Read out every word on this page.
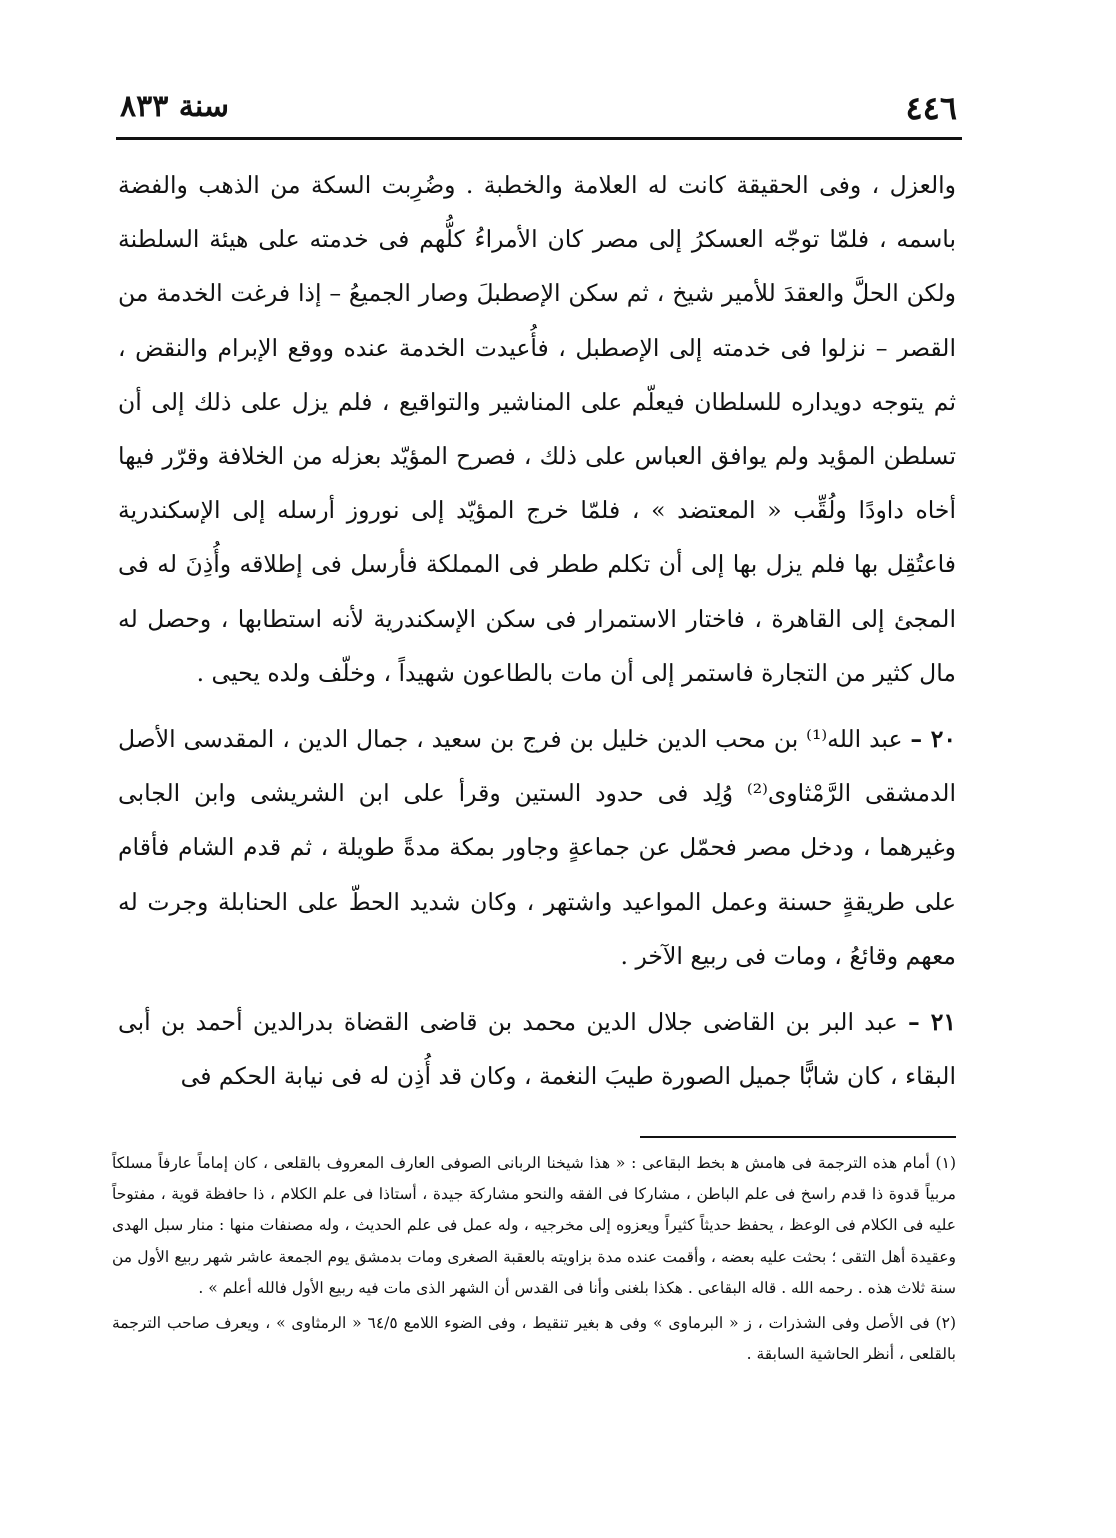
٤٤٦
سنة ٨٣٣

والعزل ، وفى الحقيقة كانت له العلامة والخطبة . وضُرِبت السكة من الذهب والفضة باسمه ، فلمّا توجّه العسكرُ إلى مصر كان الأمراءُ كلُّهم فى خدمته على هيئة السلطنة ولكن الحلَّ والعقدَ للأمير شيخ ، ثم سكن الإصطبلَ وصار الجميعُ – إذا فرغت الخدمة من القصر – نزلوا فى خدمته إلى الإصطبل ، فأُعيدت الخدمة عنده ووقع الإبرام والنقض ، ثم يتوجه دويداره للسلطان فيعلّم على المناشير والتواقيع ، فلم يزل على ذلك إلى أن تسلطن المؤيد ولم يوافق العباس على ذلك ، فصرح المؤيّد بعزله من الخلافة وقرّر فيها أخاه داودًا ولُقِّب « المعتضد » ، فلمّا خرج المؤيّد إلى نوروز أرسله إلى الإسكندرية فاعتُقِل بها فلم يزل بها إلى أن تكلم ططر فى المملكة فأرسل فى إطلاقه وأُذِنَ له فى المجئ إلى القاهرة ، فاختار الاستمرار فى سكن الإسكندرية لأنه استطابها ، وحصل له مال كثير من التجارة فاستمر إلى أن مات بالطاعون شهيداً ، وخلّف ولده يحيى .

٢٠ – عبد الله⁽¹⁾ بن محب الدين خليل بن فرج بن سعيد ، جمال الدين ، المقدسى الأصل الدمشقى الرَّمْثاوى⁽²⁾ وُلِد فى حدود الستين وقرأ على ابن الشريشى وابن الجابى وغيرهما ، ودخل مصر فحمّل عن جماعةٍ وجاور بمكة مدةً طويلة ، ثم قدم الشام فأقام على طريقةٍ حسنة وعمل المواعيد واشتهر ، وكان شديد الحطّ على الحنابلة وجرت له معهم وقائعُ ، ومات فى ربيع الآخر .

٢١ – عبد البر بن القاضى جلال الدين محمد بن قاضى القضاة بدرالدين أحمد بن أبى البقاء ، كان شابًّا جميل الصورة طيبَ النغمة ، وكان قد أُذِن له فى نيابة الحكم فى

(١) أمام هذه الترجمة فى هامش ﻫ بخط البقاعى : « هذا شيخنا الربانى الصوفى العارف المعروف بالقلعى ، كان إماماً عارفاً مسلكاً مربياً قدوة ذا قدم راسخ فى علم الباطن ، مشاركا فى الفقه والنحو مشاركة جيدة ، أستاذا فى علم الكلام ، ذا حافظة قوية ، مفتوحاً عليه فى الكلام فى الوعظ ، يحفظ حديثاً كثيراً ويعزوه إلى مخرجيه ، وله عمل فى علم الحديث ، وله مصنفات منها : منار سبل الهدى وعقيدة أهل التقى ؛ بحثت عليه بعضه ، وأقمت عنده مدة بزاويته بالعقبة الصغرى ومات بدمشق يوم الجمعة عاشر شهر ربيع الأول من سنة ثلاث هذه . رحمه الله . قاله البقاعى . هكذا بلغنى وأنا فى القدس أن الشهر الذى مات فيه ربيع الأول فالله أعلم » .

(٢) فى الأصل وفى الشذرات ، ز « البرماوى » وفى ﻫ بغير تنقيط ، وفى الضوء اللامع ٦٤/٥ « الرمثاوى » ، ويعرف صاحب الترجمة بالقلعى ، أنظر الحاشية السابقة .
